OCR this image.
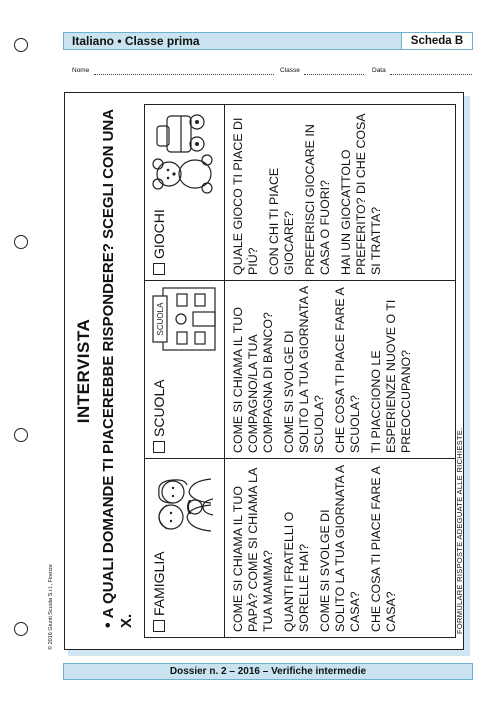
Italiano • Classe prima	Scheda B
Nome	Classe	Data
INTERVISTA
•A QUALI DOMANDE TI PIACEREBBE RISPONDERE? SCEGLI CON UNA X.
FAMIGLIA	COME SI CHIAMA IL TUO PAPÀ? COME SI CHIAMA LA TUA MAMMA? QUANTI FRATELLI O SORELLE HAI? COME SI SVOLGE DI SOLITO LA TUA GIORNATA A CASA? CHE COSA TI PIACE FARE A CASA?
SCUOLA
SCUOLA	COME SI CHIAMA IL TUO COMPAGNO/LA TUA COMPAGNA DI BANCO? COME SI SVOLGE DI SOLITO LA TUA GIORNATA A SCUOLA? CHE COSA TI PIACE FARE A SCUOLA? TI PIACCIONO LE ESPERIENZE NUOVE O TI PREOCCUPANO?
GIOCHI	QUALE GIOCO TI PIACE DI PIÙ? CON CHI TI PIACE GIOCARE? PREFERISCI GIOCARE IN CASA O FUORI? HAI UN GIOCATTOLO PREFERITO? DI CHE COSA SI TRATTA?
FORMULARE RISPOSTE ADEGUATE ALLE RICHIESTE.
© 2016 Giunti Scuola S.r.l., Firenze
Dossier n. 2 – 2016 – Verifiche intermedie
